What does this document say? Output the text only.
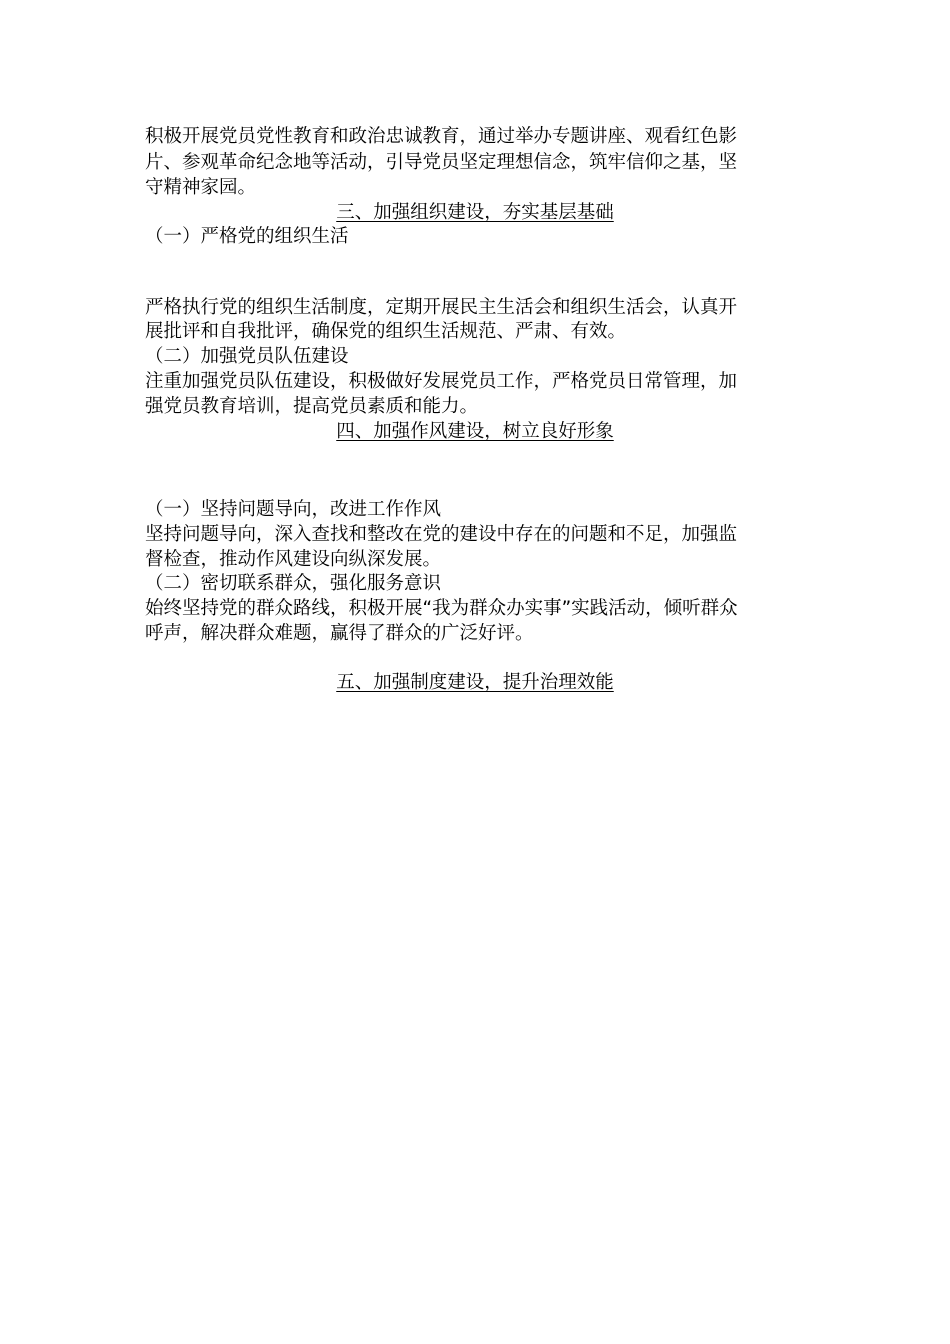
积极开展党员党性教育和政治忠诚教育，通过举办专题讲座、观看红色影
片、参观革命纪念地等活动，引导党员坚定理想信念，筑牢信仰之基，坚
守精神家园。
三、加强组织建设，夯实基层基础
（一）严格党的组织生活
严格执行党的组织生活制度，定期开展民主生活会和组织生活会，认真开
展批评和自我批评，确保党的组织生活规范、严肃、有效。
（二）加强党员队伍建设
注重加强党员队伍建设，积极做好发展党员工作，严格党员日常管理，加
强党员教育培训，提高党员素质和能力。
四、加强作风建设，树立良好形象
（一）坚持问题导向，改进工作作风
坚持问题导向，深入查找和整改在党的建设中存在的问题和不足，加强监
督检查，推动作风建设向纵深发展。
（二）密切联系群众，强化服务意识
始终坚持党的群众路线，积极开展“我为群众办实事”实践活动，倾听群众
呼声，解决群众难题，赢得了群众的广泛好评。
五、加强制度建设，提升治理效能
